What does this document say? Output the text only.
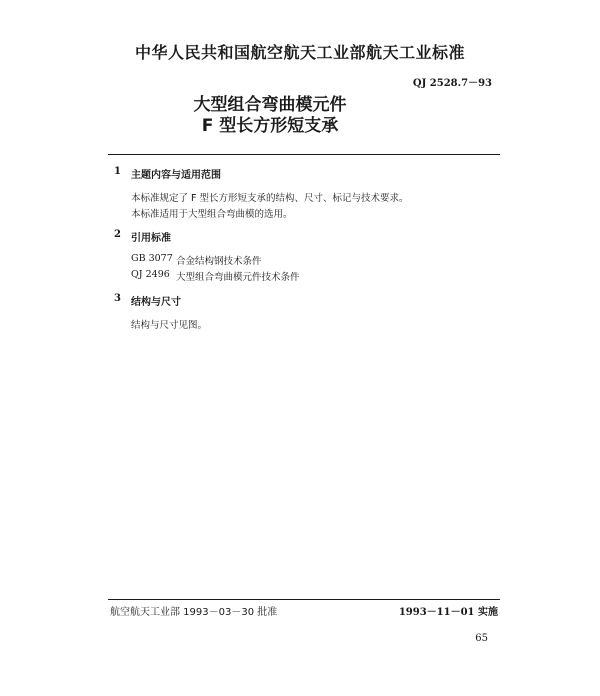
中华人民共和国航空航天工业部航天工业标准
QJ 2528.7－93
大型组合弯曲模元件
F 型长方形短支承
1 主题内容与适用范围
本标准规定了 F 型长方形短支承的结构、尺寸、标记与技术要求。
本标准适用于大型组合弯曲模的选用。
2 引用标准
GB 3077 合金结构钢技术条件
QJ 2496 大型组合弯曲模元件技术条件
3 结构与尺寸
结构与尺寸见图。
航空航天工业部 1993－03－30 批准	1993－11－01 实施
65
